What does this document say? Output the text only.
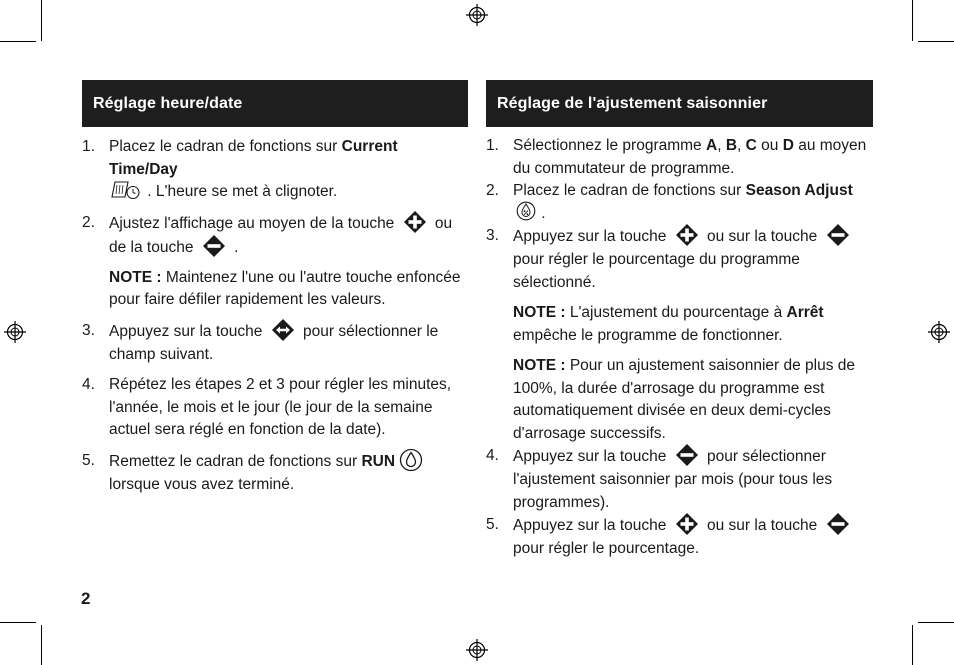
Réglage heure/date
1. Placez le cadran de fonctions sur Current Time/Day
. L'heure se met à clignoter.
2. Ajustez l'affichage au moyen de la touche  ou de la touche  .
NOTE : Maintenez l'une ou l'autre touche enfoncée pour faire défiler rapidement les valeurs.
3. Appuyez sur la touche  pour sélectionner le champ suivant.
4. Répétez les étapes 2 et 3 pour régler les minutes, l'année, le mois et le jour (le jour de la semaine actuel sera réglé en fonction de la date).
5. Remettez le cadran de fonctions sur RUN
lorsque vous avez terminé.
Réglage de l'ajustement saisonnier
1. Sélectionnez le programme A, B, C ou D au moyen du commutateur de programme.
2. Placez le cadran de fonctions sur Season Adjust .
3. Appuyez sur la touche  ou sur la touche  pour régler le pourcentage du programme sélectionné.
NOTE : L'ajustement du pourcentage à Arrêt empêche le programme de fonctionner.
NOTE : Pour un ajustement saisonnier de plus de 100%, la durée d'arrosage du programme est automatiquement divisée en deux demi-cycles d'arrosage successifs.
4. Appuyez sur la touche  pour sélectionner l'ajustement saisonnier par mois (pour tous les programmes).
5. Appuyez sur la touche  ou sur la touche  pour régler le pourcentage.
2
